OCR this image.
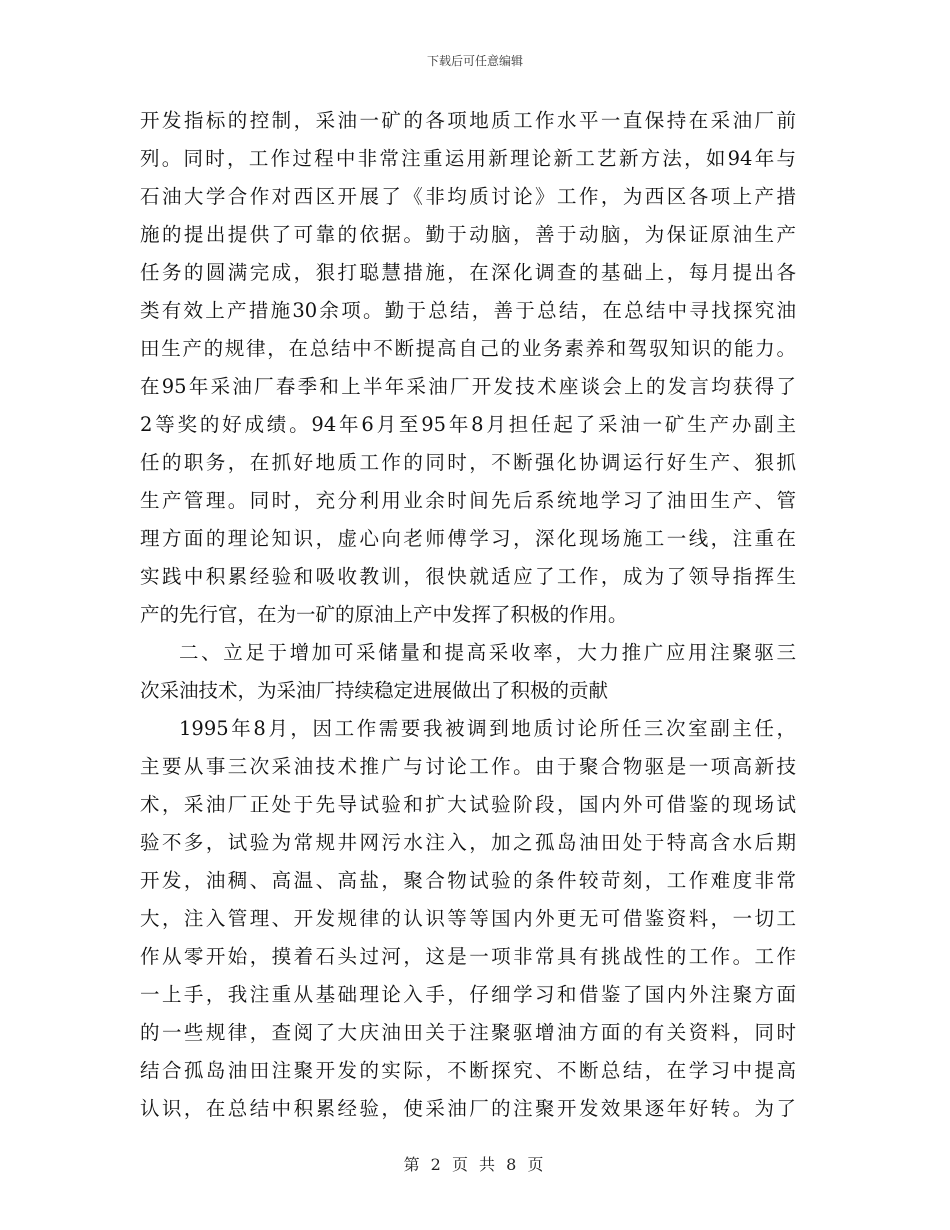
下载后可任意编辑
开发指标的控制，采油一矿的各项地质工作水平一直保持在采油厂前
列。同时，工作过程中非常注重运用新理论新工艺新方法，如94年与
石油大学合作对西区开展了《非均质讨论》工作，为西区各项上产措
施的提出提供了可靠的依据。勤于动脑，善于动脑，为保证原油生产
任务的圆满完成，狠打聪慧措施，在深化调查的基础上，每月提出各
类有效上产措施30余项。勤于总结，善于总结，在总结中寻找探究油
田生产的规律，在总结中不断提高自己的业务素养和驾驭知识的能力。
在95年采油厂春季和上半年采油厂开发技术座谈会上的发言均获得了
2等奖的好成绩。94年6月至95年8月担任起了采油一矿生产办副主
任的职务，在抓好地质工作的同时，不断强化协调运行好生产、狠抓
生产管理。同时，充分利用业余时间先后系统地学习了油田生产、管
理方面的理论知识，虚心向老师傅学习，深化现场施工一线，注重在
实践中积累经验和吸收教训，很快就适应了工作，成为了领导指挥生
产的先行官，在为一矿的原油上产中发挥了积极的作用。
二、立足于增加可采储量和提高采收率，大力推广应用注聚驱三
次采油技术，为采油厂持续稳定进展做出了积极的贡献
1995年8月，因工作需要我被调到地质讨论所任三次室副主任，
主要从事三次采油技术推广与讨论工作。由于聚合物驱是一项高新技
术，采油厂正处于先导试验和扩大试验阶段，国内外可借鉴的现场试
验不多，试验为常规井网污水注入，加之孤岛油田处于特高含水后期
开发，油稠、高温、高盐，聚合物试验的条件较苛刻，工作难度非常
大，注入管理、开发规律的认识等等国内外更无可借鉴资料，一切工
作从零开始，摸着石头过河，这是一项非常具有挑战性的工作。工作
一上手，我注重从基础理论入手，仔细学习和借鉴了国内外注聚方面
的一些规律，查阅了大庆油田关于注聚驱增油方面的有关资料，同时
结合孤岛油田注聚开发的实际，不断探究、不断总结，在学习中提高
认识，在总结中积累经验，使采油厂的注聚开发效果逐年好转。为了
第 2 页 共 8 页
